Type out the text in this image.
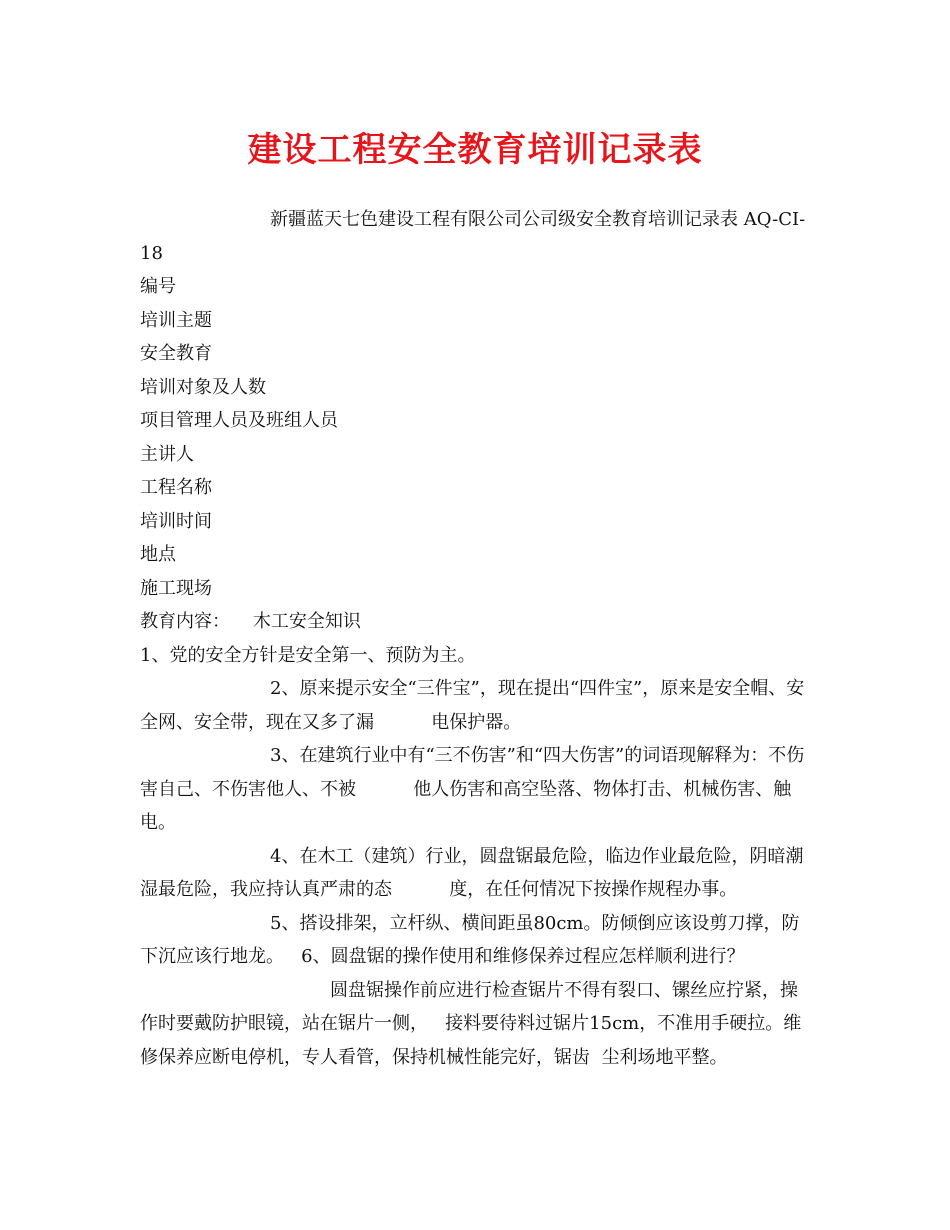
建设工程安全教育培训记录表

新疆蓝天七色建设工程有限公司公司级安全教育培训记录表 AQ-CI-18

编号

培训主题

安全教育

培训对象及人数

项目管理人员及班组人员

主讲人

工程名称

培训时间

地点

施工现场

教育内容：    木工安全知识

1、党的安全方针是安全第一、预防为主。

2、原来提示安全“三件宝”，现在提出“四件宝”，原来是安全帽、安全网、安全带，现在又多了漏          电保护器。

3、在建筑行业中有“三不伤害”和“四大伤害”的词语现解释为：不伤害自己、不伤害他人、不被          他人伤害和高空坠落、物体打击、机械伤害、触电。

4、在木工（建筑）行业，圆盘锯最危险，临边作业最危险，阴暗潮湿最危险，我应持认真严肃的态          度，在任何情况下按操作规程办事。

5、搭设排架，立杆纵、横间距虽80cm。防倾倒应该设剪刀撑，防下沉应该行地龙。   6、圆盘锯的操作使用和维修保养过程应怎样顺利进行？

圆盘锯操作前应进行检查锯片不得有裂口、镙丝应拧紧，操作时要戴防护眼镜，站在锯片一侧，   接料要待料过锯片15cm，不准用手硬拉。维修保养应断电停机，专人看管，保持机械性能完好，锯齿  尘利场地平整。
